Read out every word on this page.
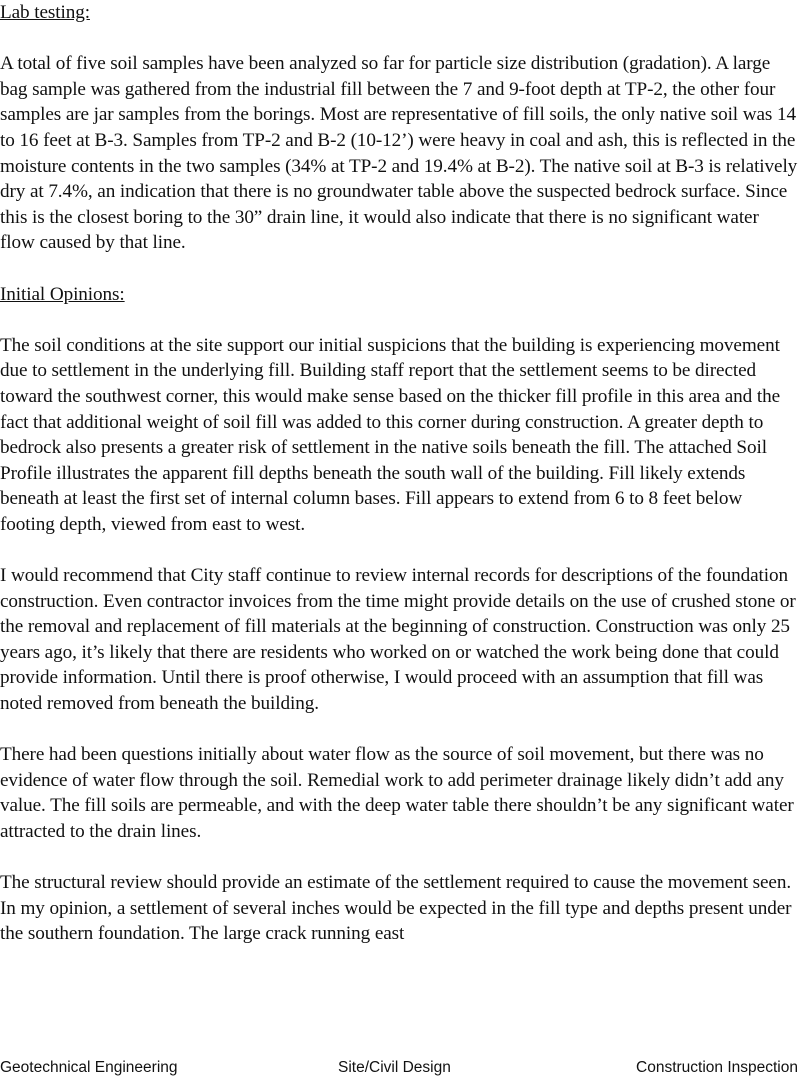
Lab testing:

A total of five soil samples have been analyzed so far for particle size distribution (gradation). A large bag sample was gathered from the industrial fill between the 7 and 9-foot depth at TP-2, the other four samples are jar samples from the borings. Most are representative of fill soils, the only native soil was 14 to 16 feet at B-3. Samples from TP-2 and B-2 (10-12’) were heavy in coal and ash, this is reflected in the moisture contents in the two samples (34% at TP-2 and 19.4% at B-2). The native soil at B-3 is relatively dry at 7.4%, an indication that there is no groundwater table above the suspected bedrock surface. Since this is the closest boring to the 30” drain line, it would also indicate that there is no significant water flow caused by that line.

Initial Opinions:

The soil conditions at the site support our initial suspicions that the building is experiencing movement due to settlement in the underlying fill. Building staff report that the settlement seems to be directed toward the southwest corner, this would make sense based on the thicker fill profile in this area and the fact that additional weight of soil fill was added to this corner during construction. A greater depth to bedrock also presents a greater risk of settlement in the native soils beneath the fill. The attached Soil Profile illustrates the apparent fill depths beneath the south wall of the building. Fill likely extends beneath at least the first set of internal column bases. Fill appears to extend from 6 to 8 feet below footing depth, viewed from east to west.

I would recommend that City staff continue to review internal records for descriptions of the foundation construction. Even contractor invoices from the time might provide details on the use of crushed stone or the removal and replacement of fill materials at the beginning of construction. Construction was only 25 years ago, it’s likely that there are residents who worked on or watched the work being done that could provide information. Until there is proof otherwise, I would proceed with an assumption that fill was noted removed from beneath the building.

There had been questions initially about water flow as the source of soil movement, but there was no evidence of water flow through the soil. Remedial work to add perimeter drainage likely didn’t add any value. The fill soils are permeable, and with the deep water table there shouldn’t be any significant water attracted to the drain lines.

The structural review should provide an estimate of the settlement required to cause the movement seen. In my opinion, a settlement of several inches would be expected in the fill type and depths present under the southern foundation. The large crack running east

Geotechnical Engineering	Site/Civil Design	Construction Inspection
